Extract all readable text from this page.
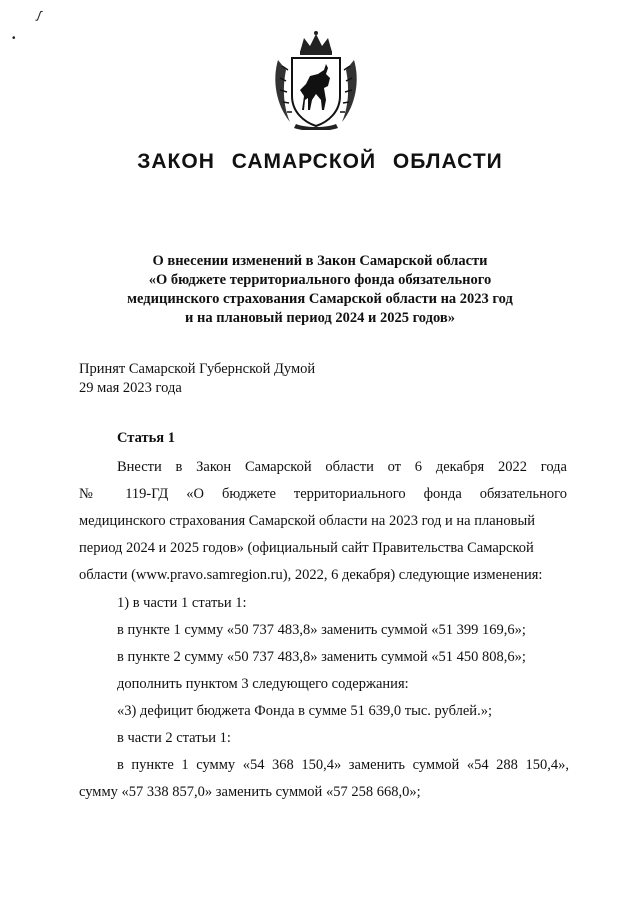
ʃ
•
ЗАКОН САМАРСКОЙ ОБЛАСТИ
О внесении изменений в Закон Самарской области
«О бюджете территориального фонда обязательного
медицинского страхования Самарской области на 2023 год
и на плановый период 2024 и 2025 годов»
Принят Самарской Губернской Думой
29 мая 2023 года
Статья 1
Внести в Закон Самарской области от 6 декабря 2022 года
№ 119-ГД «О бюджете территориального фонда обязательного
медицинского страхования Самарской области на 2023 год и на плановый
период 2024 и 2025 годов» (официальный сайт Правительства Самарской
области (www.pravo.samregion.ru), 2022, 6 декабря) следующие изменения:
1) в части 1 статьи 1:
в пункте 1 сумму «50 737 483,8» заменить суммой «51 399 169,6»;
в пункте 2 сумму «50 737 483,8» заменить суммой «51 450 808,6»;
дополнить пунктом 3 следующего содержания:
«3) дефицит бюджета Фонда в сумме 51 639,0 тыс. рублей.»;
в части 2 статьи 1:
в пункте 1 сумму «54 368 150,4» заменить суммой «54 288 150,4»,
сумму «57 338 857,0» заменить суммой «57 258 668,0»;
